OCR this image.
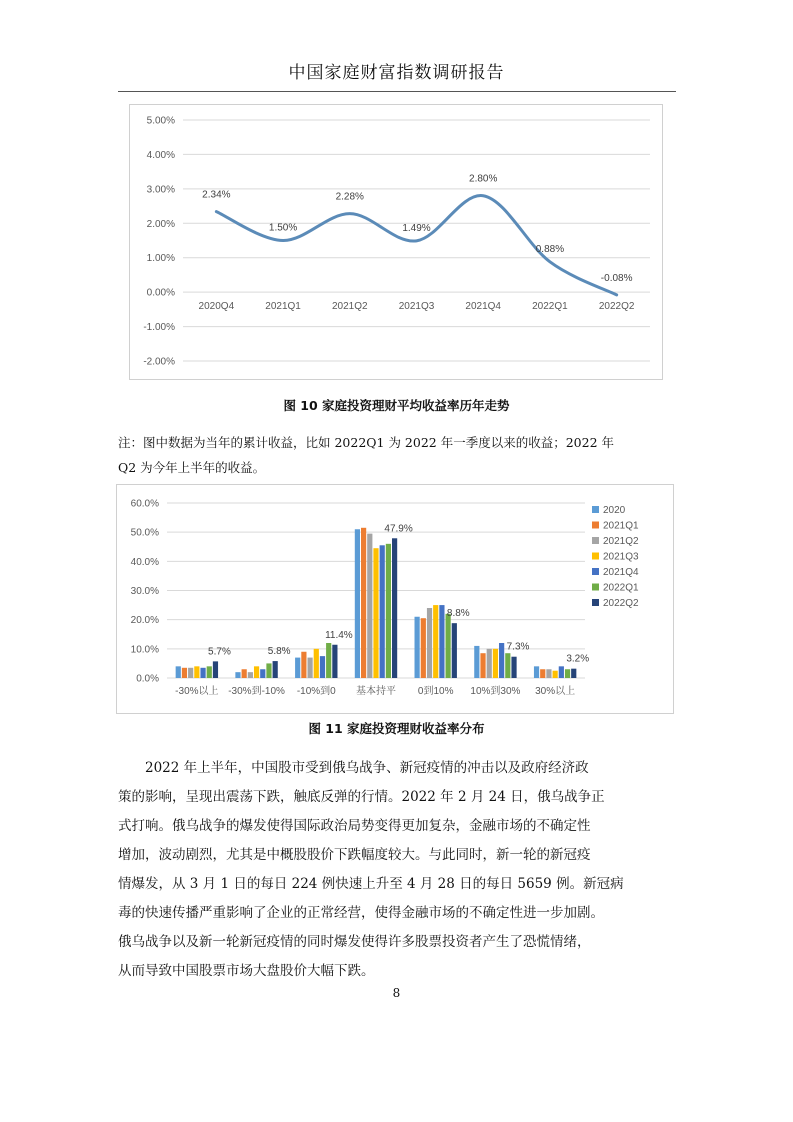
中国家庭财富指数调研报告
5.00%
4.00%
3.00%
2.00%
1.00%
0.00%
-1.00%
-2.00%
2020Q4	2021Q1	2021Q2	2021Q3	2021Q4	2022Q1	2022Q2
2.34%
1.50%
2.28%
1.49%
2.80%
0.88%
-0.08%
图 10 家庭投资理财平均收益率历年走势
注：图中数据为当年的累计收益，比如 2022Q1 为 2022 年一季度以来的收益；2022 年
Q2 为今年上半年的收益。
60.0%
50.0%
40.0%
30.0%
20.0%
10.0%
0.0%
-30%以上
5.7%
-30%到-10%
5.8%
-10%到0
11.4%
基本持平
47.9%
0到10%
8.8%
10%到30%
7.3%
30%以上
3.2%
2020
2021Q1
2021Q2
2021Q3
2021Q4
2022Q1
2022Q2
图 11 家庭投资理财收益率分布
2022 年上半年，中国股市受到俄乌战争、新冠疫情的冲击以及政府经济政
策的影响，呈现出震荡下跌，触底反弹的行情。2022 年 2 月 24 日，俄乌战争正
式打响。俄乌战争的爆发使得国际政治局势变得更加复杂，金融市场的不确定性
增加，波动剧烈，尤其是中概股股价下跌幅度较大。与此同时，新一轮的新冠疫
情爆发，从 3 月 1 日的每日 224 例快速上升至 4 月 28 日的每日 5659 例。新冠病
毒的快速传播严重影响了企业的正常经营，使得金融市场的不确定性进一步加剧。
俄乌战争以及新一轮新冠疫情的同时爆发使得许多股票投资者产生了恐慌情绪，
从而导致中国股票市场大盘股价大幅下跌。
8
